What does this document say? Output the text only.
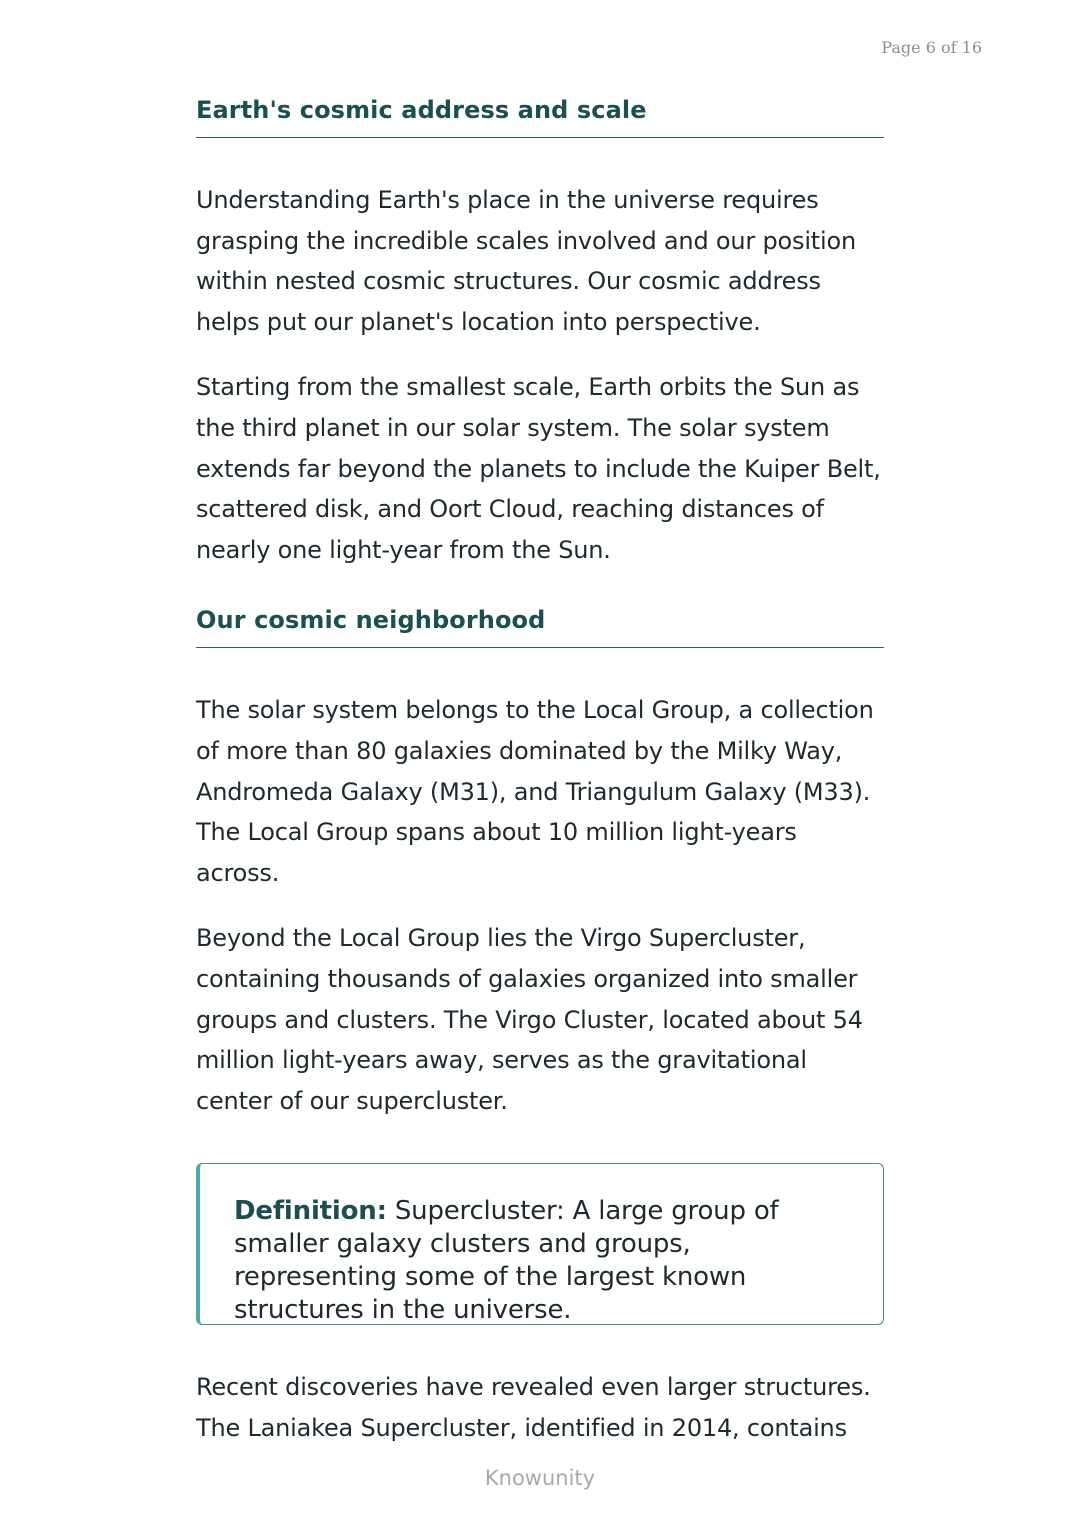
Page 6 of 16
Earth's cosmic address and scale

Understanding Earth's place in the universe requires grasping the incredible scales involved and our position within nested cosmic structures. Our cosmic address helps put our planet's location into perspective.

Starting from the smallest scale, Earth orbits the Sun as the third planet in our solar system. The solar system extends far beyond the planets to include the Kuiper Belt, scattered disk, and Oort Cloud, reaching distances of nearly one light-year from the Sun.

Our cosmic neighborhood

The solar system belongs to the Local Group, a collection of more than 80 galaxies dominated by the Milky Way, Andromeda Galaxy (M31), and Triangulum Galaxy (M33). The Local Group spans about 10 million light-years across.

Beyond the Local Group lies the Virgo Supercluster, containing thousands of galaxies organized into smaller groups and clusters. The Virgo Cluster, located about 54 million light-years away, serves as the gravitational center of our supercluster.

Definition: Supercluster: A large group of smaller galaxy clusters and groups, representing some of the largest known structures in the universe.

Recent discoveries have revealed even larger structures. The Laniakea Supercluster, identified in 2014, contains

Knowunity
